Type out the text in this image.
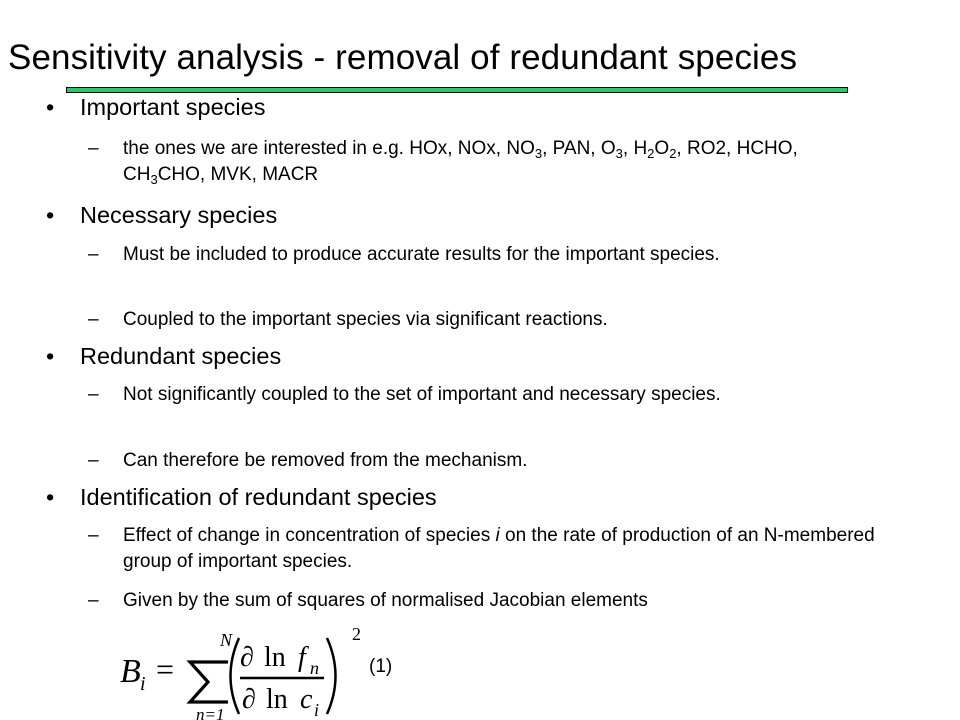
Sensitivity analysis - removal of redundant species
• Important species
–	the ones we are interested in e.g. HOx, NOx, $NO_3$, PAN, $O_3$, $H_2O_2$, RO2, HCHO, $CH_3CHO$, MVK, MACR
• Necessary species
–	Must be included to produce accurate results for the important species.
–	Coupled to the important species via significant reactions.
• Redundant species
–	Not significantly coupled to the set of important and necessary species.
–	Can therefore be removed from the mechanism.
• Identification of redundant species
–	Effect of change in concentration of species i on the rate of production of an N-membered group of important species.
–	Given by the sum of squares of normalised Jacobian elements
B i =
N
n=1
∂ ln f n
∂ ln c i
2
(1)
